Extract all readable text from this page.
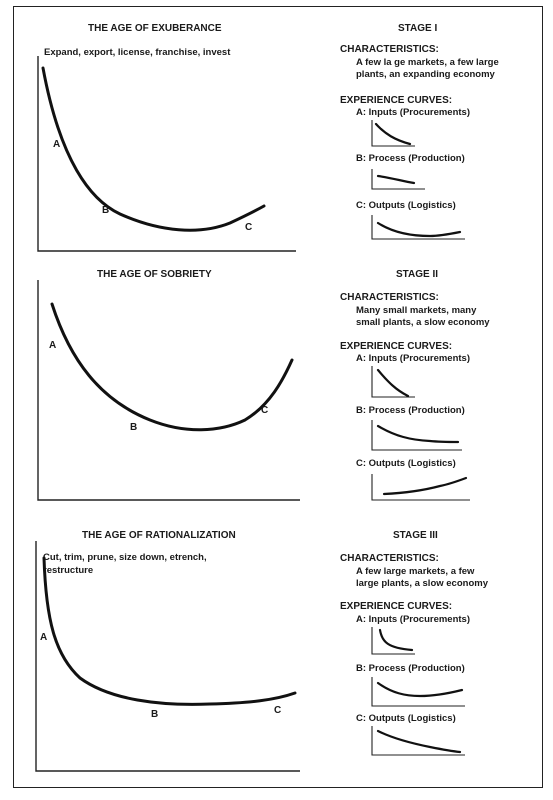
THE AGE OF EXUBERANCE
Expand, export, license, franchise, invest
A
B
C
STAGE I
CHARACTERISTICS:
A few la ge markets, a few large
plants, an expanding economy
EXPERIENCE CURVES:
A: Inputs (Procurements)
B: Process (Production)
C: Outputs (Logistics)
THE AGE OF SOBRIETY
A
B
C
STAGE II
CHARACTERISTICS:
Many small markets, many
small plants, a slow economy
EXPERIENCE CURVES:
A: Inputs (Procurements)
B: Process (Production)
C: Outputs (Logistics)
THE AGE OF RATIONALIZATION
Cut, trim, prune, size down, etrench,
restructure
A
B	C
STAGE III
CHARACTERISTICS:
A few large markets, a few
large plants, a slow economy
EXPERIENCE CURVES:
A: Inputs (Procurements)
B: Process (Production)
C: Outputs (Logistics)
